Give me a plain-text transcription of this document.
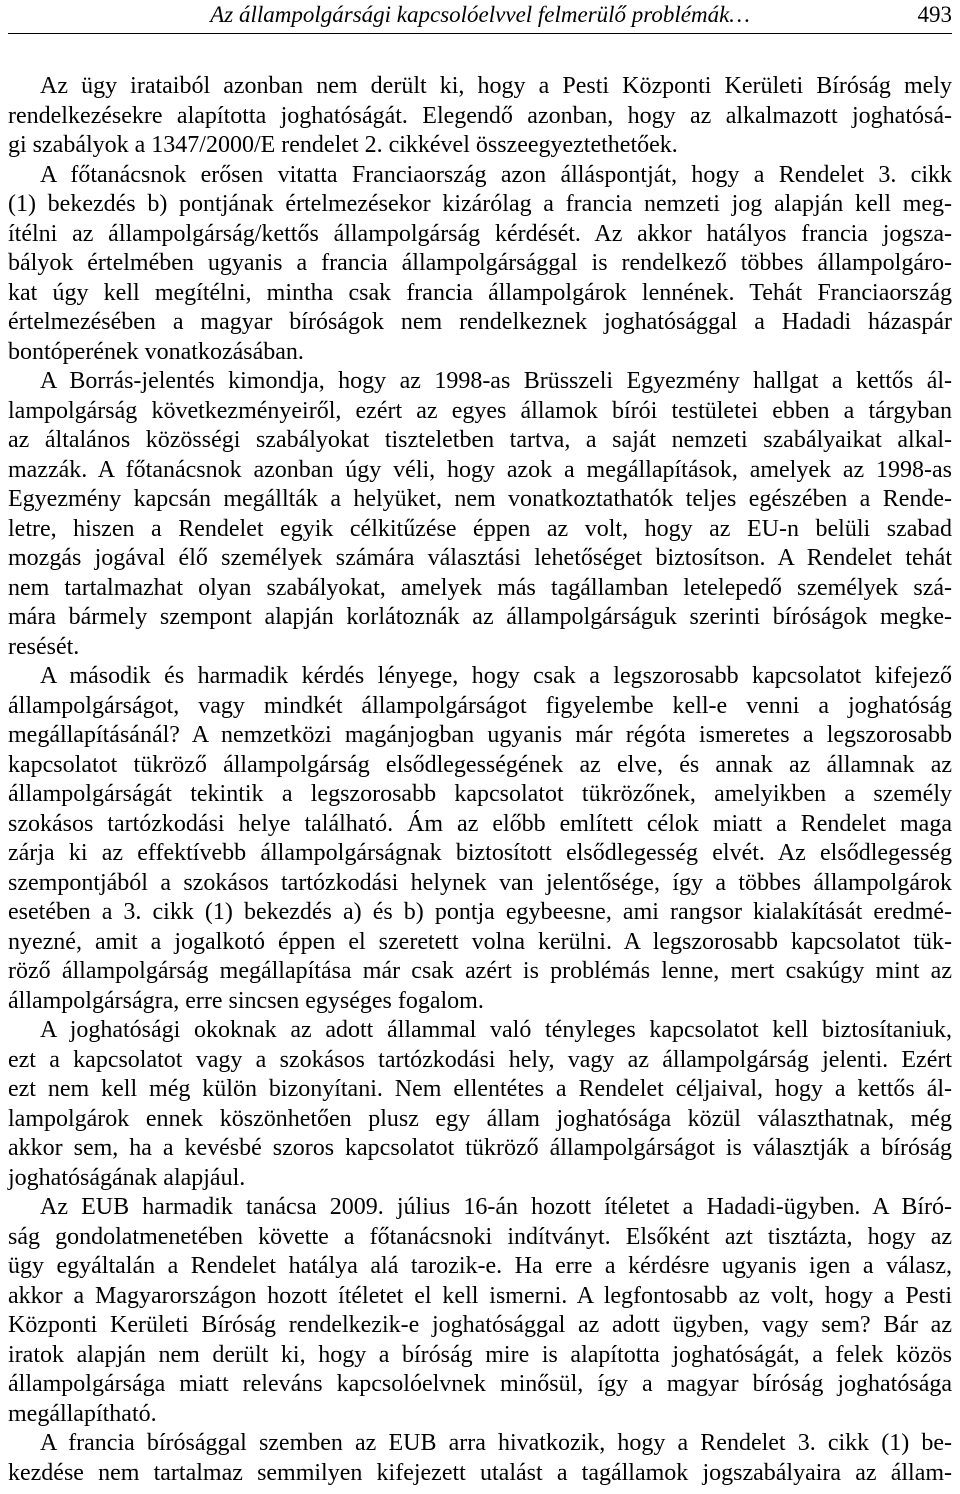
Az állampolgársági kapcsolóelvvel felmerülő problémák…	493
Az ügy irataiból azonban nem derült ki, hogy a Pesti Központi Kerületi Bíróság mely
rendelkezésekre alapította joghatóságát. Elegendő azonban, hogy az alkalmazott joghatósá-
gi szabályok a 1347/2000/E rendelet 2. cikkével összeegyeztethetőek.
A főtanácsnok erősen vitatta Franciaország azon álláspontját, hogy a Rendelet 3. cikk
(1) bekezdés b) pontjának értelmezésekor kizárólag a francia nemzeti jog alapján kell meg-
ítélni az állampolgárság/kettős állampolgárság kérdését. Az akkor hatályos francia jogsza-
bályok értelmében ugyanis a francia állampolgársággal is rendelkező többes állampolgáro-
kat úgy kell megítélni, mintha csak francia állampolgárok lennének. Tehát Franciaország
értelmezésében a magyar bíróságok nem rendelkeznek joghatósággal a Hadadi házaspár
bontóperének vonatkozásában.
A Borrás-jelentés kimondja, hogy az 1998-as Brüsszeli Egyezmény hallgat a kettős ál-
lampolgárság következményeiről, ezért az egyes államok bírói testületei ebben a tárgyban
az általános közösségi szabályokat tiszteletben tartva, a saját nemzeti szabályaikat alkal-
mazzák. A főtanácsnok azonban úgy véli, hogy azok a megállapítások, amelyek az 1998-as
Egyezmény kapcsán megállták a helyüket, nem vonatkoztathatók teljes egészében a Rende-
letre, hiszen a Rendelet egyik célkitűzése éppen az volt, hogy az EU-n belüli szabad
mozgás jogával élő személyek számára választási lehetőséget biztosítson. A Rendelet tehát
nem tartalmazhat olyan szabályokat, amelyek más tagállamban letelepedő személyek szá-
mára bármely szempont alapján korlátoznák az állampolgárságuk szerinti bíróságok megke-
resését.
A második és harmadik kérdés lényege, hogy csak a legszorosabb kapcsolatot kifejező
állampolgárságot, vagy mindkét állampolgárságot figyelembe kell-e venni a joghatóság
megállapításánál? A nemzetközi magánjogban ugyanis már régóta ismeretes a legszorosabb
kapcsolatot tükröző állampolgárság elsődlegességének az elve, és annak az államnak az
állampolgárságát tekintik a legszorosabb kapcsolatot tükrözőnek, amelyikben a személy
szokásos tartózkodási helye található. Ám az előbb említett célok miatt a Rendelet maga
zárja ki az effektívebb állampolgárságnak biztosított elsődlegesség elvét. Az elsődlegesség
szempontjából a szokásos tartózkodási helynek van jelentősége, így a többes állampolgárok
esetében a 3. cikk (1) bekezdés a) és b) pontja egybeesne, ami rangsor kialakítását eredmé-
nyezné, amit a jogalkotó éppen el szeretett volna kerülni. A legszorosabb kapcsolatot tük-
röző állampolgárság megállapítása már csak azért is problémás lenne, mert csakúgy mint az
állampolgárságra, erre sincsen egységes fogalom.
A joghatósági okoknak az adott állammal való tényleges kapcsolatot kell biztosítaniuk,
ezt a kapcsolatot vagy a szokásos tartózkodási hely, vagy az állampolgárság jelenti. Ezért
ezt nem kell még külön bizonyítani. Nem ellentétes a Rendelet céljaival, hogy a kettős ál-
lampolgárok ennek köszönhetően plusz egy állam joghatósága közül választhatnak, még
akkor sem, ha a kevésbé szoros kapcsolatot tükröző állampolgárságot is választják a bíróság
joghatóságának alapjául.
Az EUB harmadik tanácsa 2009. július 16-án hozott ítéletet a Hadadi-ügyben. A Bíró-
ság gondolatmenetében követte a főtanácsnoki indítványt. Elsőként azt tisztázta, hogy az
ügy egyáltalán a Rendelet hatálya alá tarozik-e. Ha erre a kérdésre ugyanis igen a válasz,
akkor a Magyarországon hozott ítéletet el kell ismerni. A legfontosabb az volt, hogy a Pesti
Központi Kerületi Bíróság rendelkezik-e joghatósággal az adott ügyben, vagy sem? Bár az
iratok alapján nem derült ki, hogy a bíróság mire is alapította joghatóságát, a felek közös
állampolgársága miatt releváns kapcsolóelvnek minősül, így a magyar bíróság joghatósága
megállapítható.
A francia bírósággal szemben az EUB arra hivatkozik, hogy a Rendelet 3. cikk (1) be-
kezdése nem tartalmaz semmilyen kifejezett utalást a tagállamok jogszabályaira az állam-
